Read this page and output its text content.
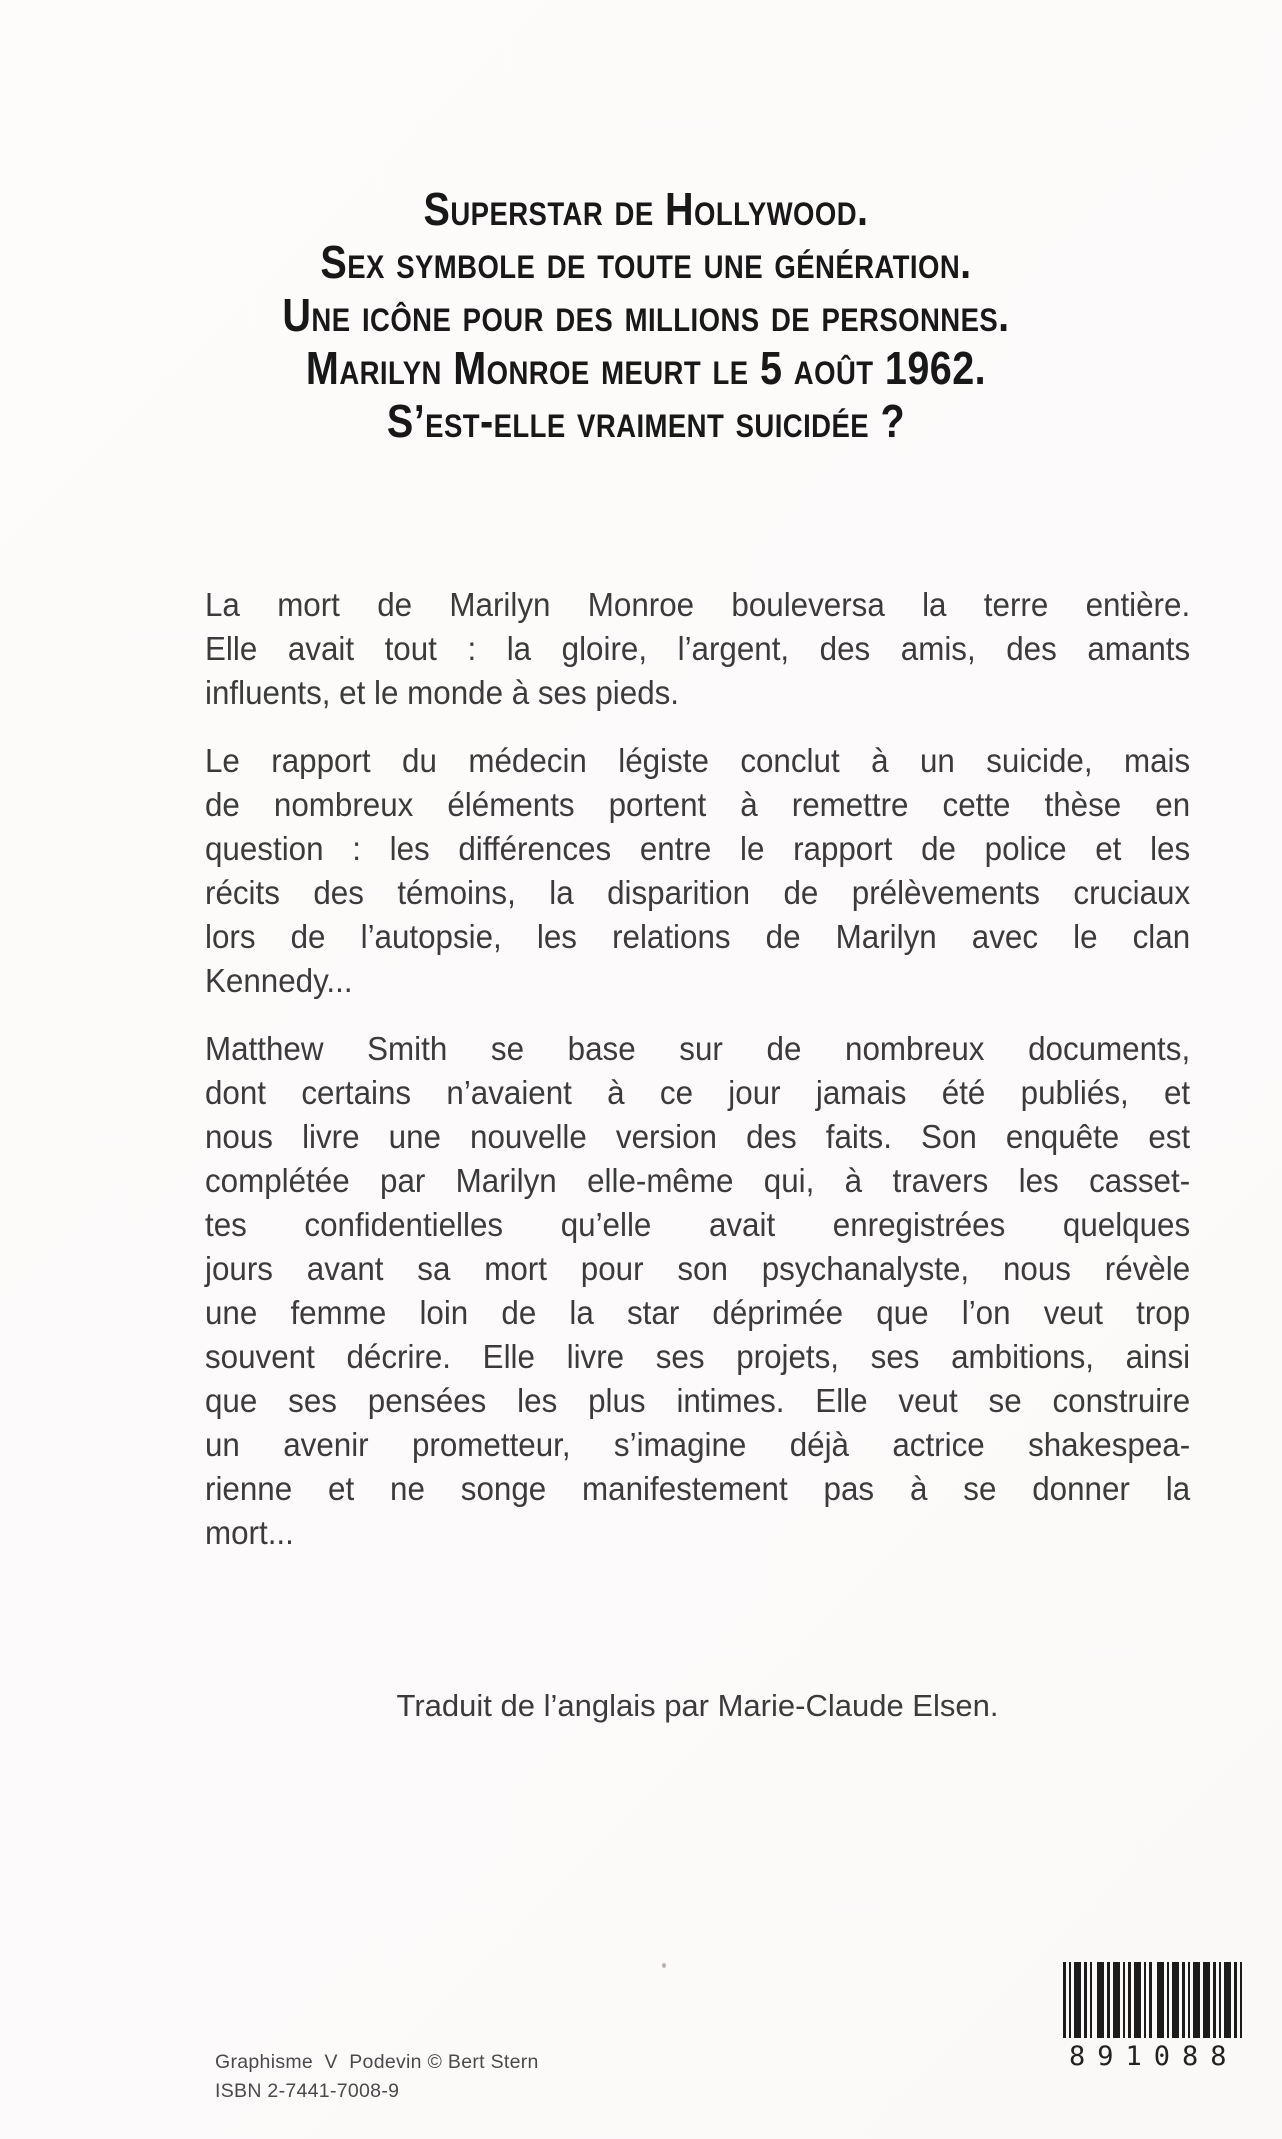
Superstar de Hollywood.
Sex symbole de toute une génération.
Une icône pour des millions de personnes.
Marilyn Monroe meurt le 5 août 1962.
S’est-elle vraiment suicidée ?
La mort de Marilyn Monroe bouleversa la terre entière.
Elle avait tout : la gloire, l’argent, des amis, des amants
influents, et le monde à ses pieds.
Le rapport du médecin légiste conclut à un suicide, mais
de nombreux éléments portent à remettre cette thèse en
question : les différences entre le rapport de police et les
récits des témoins, la disparition de prélèvements cruciaux
lors de l’autopsie, les relations de Marilyn avec le clan
Kennedy...
Matthew Smith se base sur de nombreux documents,
dont certains n’avaient à ce jour jamais été publiés, et
nous livre une nouvelle version des faits. Son enquête est
complétée par Marilyn elle-même qui, à travers les casset-
tes confidentielles qu’elle avait enregistrées quelques
jours avant sa mort pour son psychanalyste, nous révèle
une femme loin de la star déprimée que l’on veut trop
souvent décrire. Elle livre ses projets, ses ambitions, ainsi
que ses pensées les plus intimes. Elle veut se construire
un avenir prometteur, s’imagine déjà actrice shakespea-
rienne et ne songe manifestement pas à se donner la
mort...
Traduit de l’anglais par Marie-Claude Elsen.
Graphisme  V  Podevin © Bert Stern
ISBN 2-7441-7008-9
891088
